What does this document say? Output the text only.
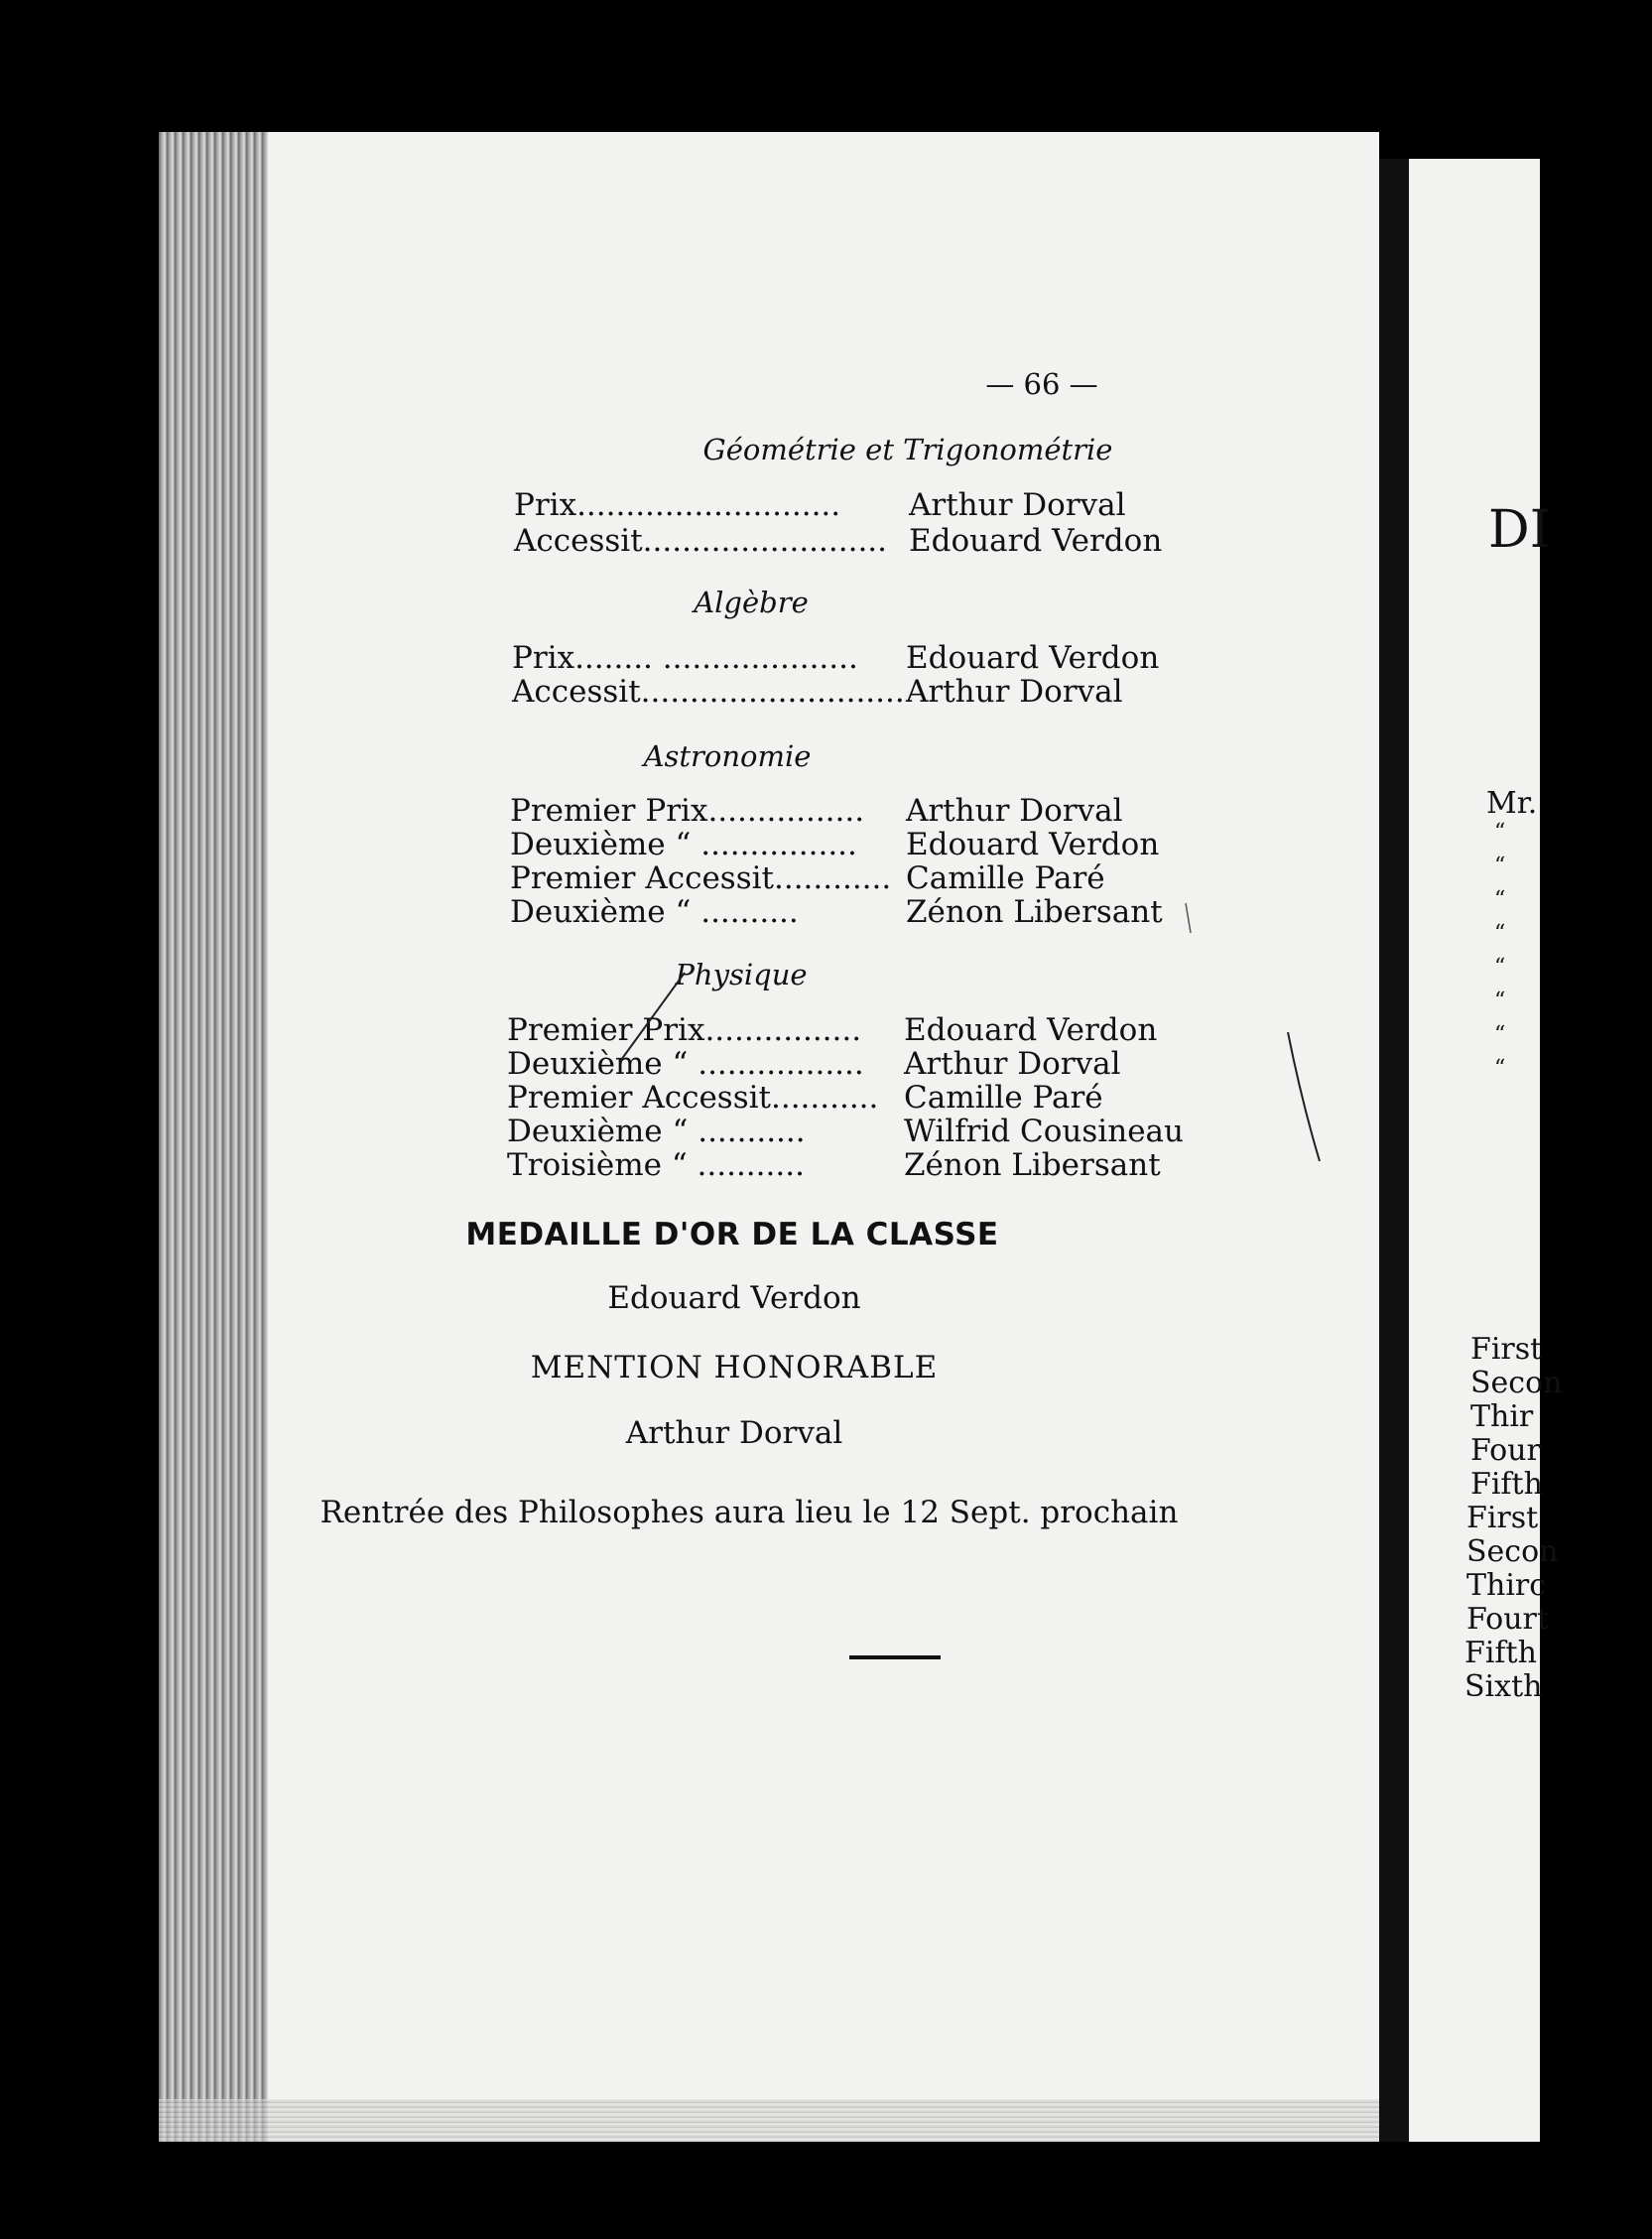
— 66 —
Géométrie et Trigonométrie
Prix........................... Arthur Dorval
Accessit......................... Edouard Verdon
Algèbre
Prix........ .................... Edouard Verdon
Accessit........................... Arthur Dorval
Astronomie
Premier Prix................ Arthur Dorval
Deuxième “ ................ Edouard Verdon
Premier Accessit............ Camille Paré
Deuxième “ ..........	Zénon Libersant
Physique
Premier Prix................ Edouard Verdon
Deuxième “ ................. Arthur Dorval
Premier Accessit........... Camille Paré
Deuxième “ ...........	Wilfrid Cousineau
Troisième “ ...........	Zénon Libersant
MEDAILLE D'OR DE LA CLASSE
Edouard Verdon
MENTION HONORABLE
Arthur Dorval
Rentrée des Philosophes aura lieu le 12 Sept. prochain
DI
Mr.
“
“
“
“
“
“
“
“
First
Secon
Thir
Four
Fifth
First
Secon
Thirc
Fourt
Fifth
Sixth
